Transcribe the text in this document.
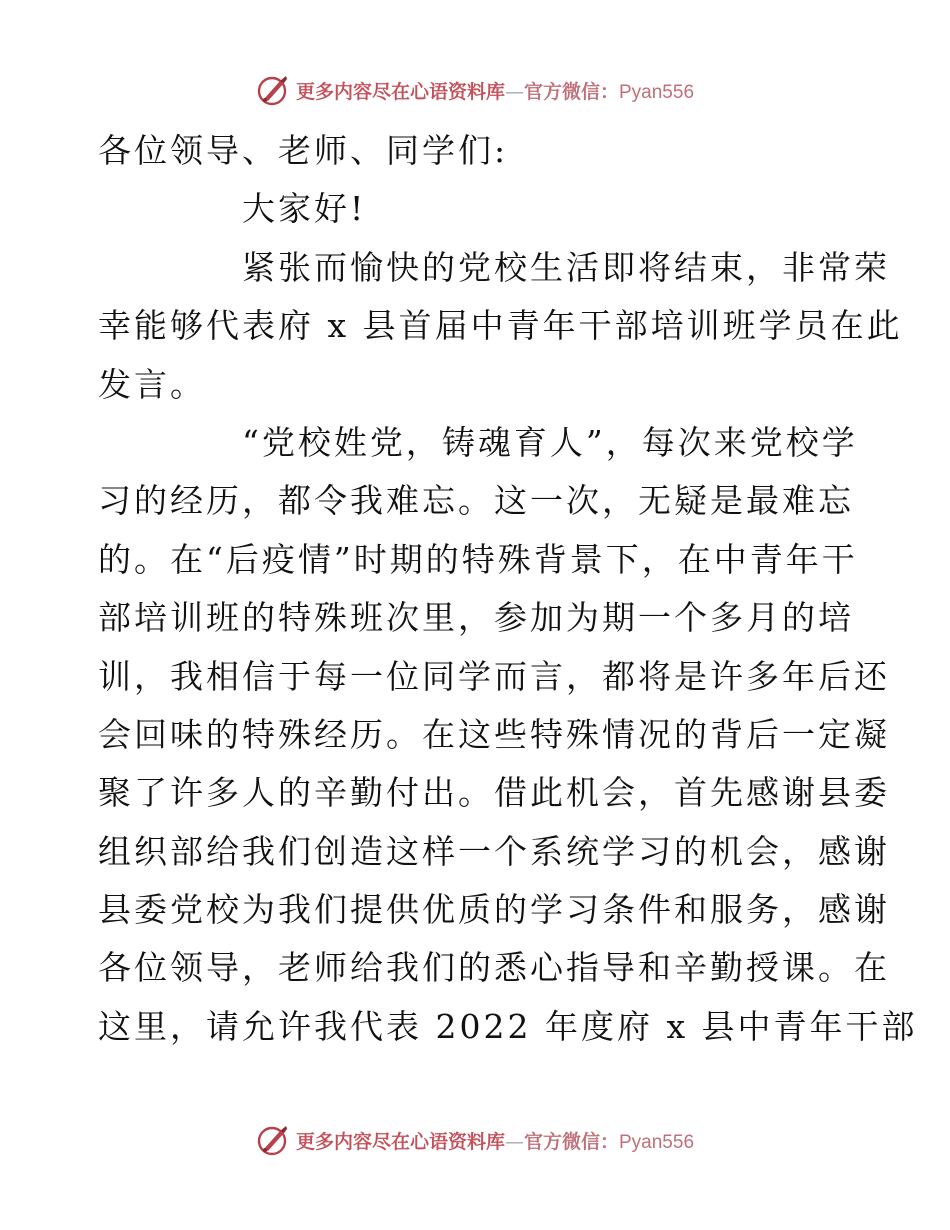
更多内容尽在心语资料库—官方微信：Pyan556
各位领导、老师、同学们:
大家好!
紧张而愉快的党校生活即将结束，非常荣
幸能够代表府 x 县首届中青年干部培训班学员在此
发言。
“党校姓党，铸魂育人”，每次来党校学
习的经历，都令我难忘。这一次，无疑是最难忘
的。在“后疫情”时期的特殊背景下，在中青年干
部培训班的特殊班次里，参加为期一个多月的培
训，我相信于每一位同学而言，都将是许多年后还
会回味的特殊经历。在这些特殊情况的背后一定凝
聚了许多人的辛勤付出。借此机会，首先感谢县委
组织部给我们创造这样一个系统学习的机会，感谢
县委党校为我们提供优质的学习条件和服务，感谢
各位领导，老师给我们的悉心指导和辛勤授课。在
这里，请允许我代表 2022 年度府 x 县中青年干部
更多内容尽在心语资料库—官方微信：Pyan556
